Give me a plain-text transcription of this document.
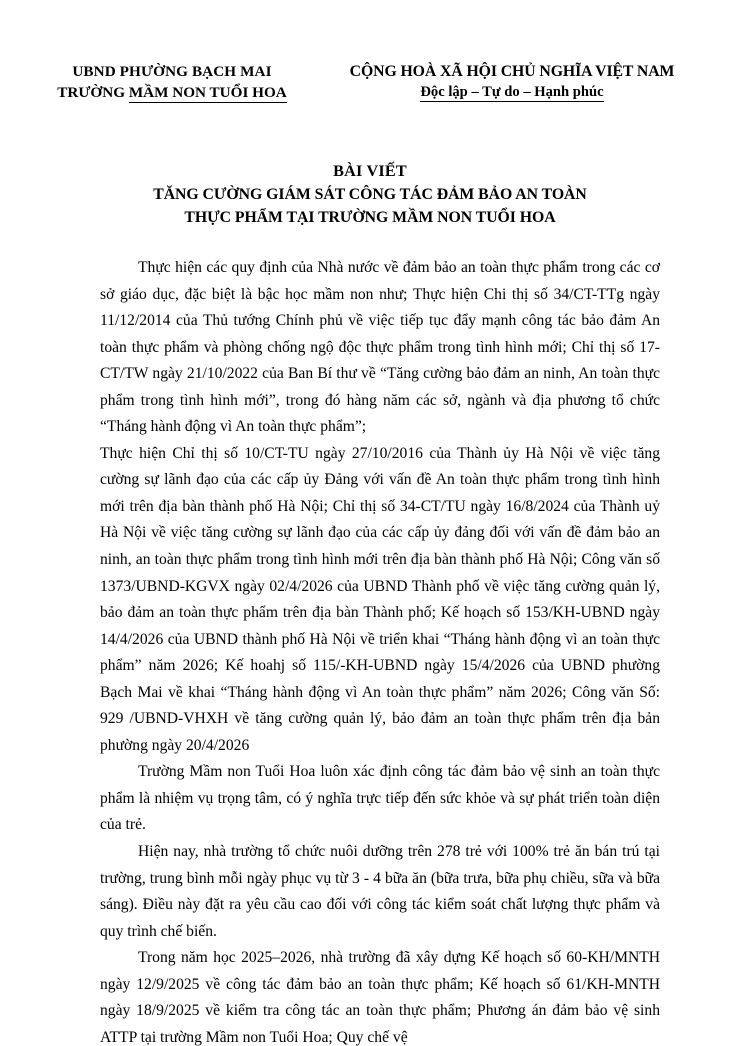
UBND PHƯỜNG BẠCH MAI
TRƯỜNG MẦM NON TUỔI HOA
CỘNG HOÀ XÃ HỘI CHỦ NGHĨA VIỆT NAM
Độc lập – Tự do – Hạnh phúc
BÀI VIẾT
TĂNG CƯỜNG GIÁM SÁT CÔNG TÁC ĐẢM BẢO AN TOÀN
THỰC PHẨM TẠI TRƯỜNG MẦM NON TUỔI HOA

Thực hiện các quy định của Nhà nước về đảm bảo an toàn thực phẩm trong các cơ sở giáo dục, đặc biệt là bậc học mầm non như; Thực hiện Chi thị số 34/CT-TTg ngày 11/12/2014 của Thủ tướng Chính phủ về việc tiếp tục đẩy mạnh công tác bảo đảm An toàn thực phẩm và phòng chống ngộ độc thực phẩm trong tình hình mới; Chỉ thị số 17-CT/TW ngày 21/10/2022 của Ban Bí thư về “Tăng cường bảo đảm an ninh, An toàn thực phẩm trong tình hình mới”, trong đó hàng năm các sở, ngành và địa phương tổ chức “Tháng hành động vì An toàn thực phẩm”;

Thực hiện Chỉ thị số 10/CT-TU ngày 27/10/2016 của Thành ủy Hà Nội về việc tăng cường sự lãnh đạo của các cấp ủy Đảng với vấn đề An toàn thực phẩm trong tình hình mới trên địa bàn thành phố Hà Nội; Chỉ thị số 34-CT/TU ngày 16/8/2024 của Thành uỷ Hà Nội về việc tăng cường sự lãnh đạo của các cấp ủy đảng đối với vấn đề đảm bảo an ninh, an toàn thực phẩm trong tình hình mới trên địa bàn thành phố Hà Nội; Công văn số 1373/UBND-KGVX ngày 02/4/2026 của UBND Thành phố về việc tăng cường quản lý, bảo đảm an toàn thực phẩm trên địa bàn Thành phố; Kế hoạch số 153/KH-UBND ngày 14/4/2026 của UBND thành phố Hà Nội về triển khai “Tháng hành động vì an toàn thực phẩm” năm 2026; Kế hoahj số 115/-KH-UBND ngày 15/4/2026 của UBND phường Bạch Mai về khai “Tháng hành động vì An toàn thực phẩm” năm 2026; Công văn Số: 929 /UBND-VHXH về tăng cường quản lý, bảo đảm an toàn thực phẩm trên địa bản phường ngày 20/4/2026

Trường Mầm non Tuổi Hoa luôn xác định công tác đảm bảo vệ sinh an toàn thực phẩm là nhiệm vụ trọng tâm, có ý nghĩa trực tiếp đến sức khỏe và sự phát triển toàn diện của trẻ.

Hiện nay, nhà trường tổ chức nuôi dưỡng trên 278 trẻ với 100% trẻ ăn bán trú tại trường, trung bình mỗi ngày phục vụ từ 3 - 4 bữa ăn (bữa trưa, bữa phụ chiều, sữa và bữa sáng). Điều này đặt ra yêu cầu cao đối với công tác kiểm soát chất lượng thực phẩm và quy trình chế biến.

Trong năm học 2025–2026, nhà trường đã xây dựng Kế hoạch số 60-KH/MNTH ngày 12/9/2025 về công tác đảm bảo an toàn thực phẩm; Kế hoạch số 61/KH-MNTH ngày 18/9/2025 về kiểm tra công tác an toàn thực phẩm; Phương án đảm bảo vệ sinh ATTP tại trường Mầm non Tuổi Hoa; Quy chế vệ
